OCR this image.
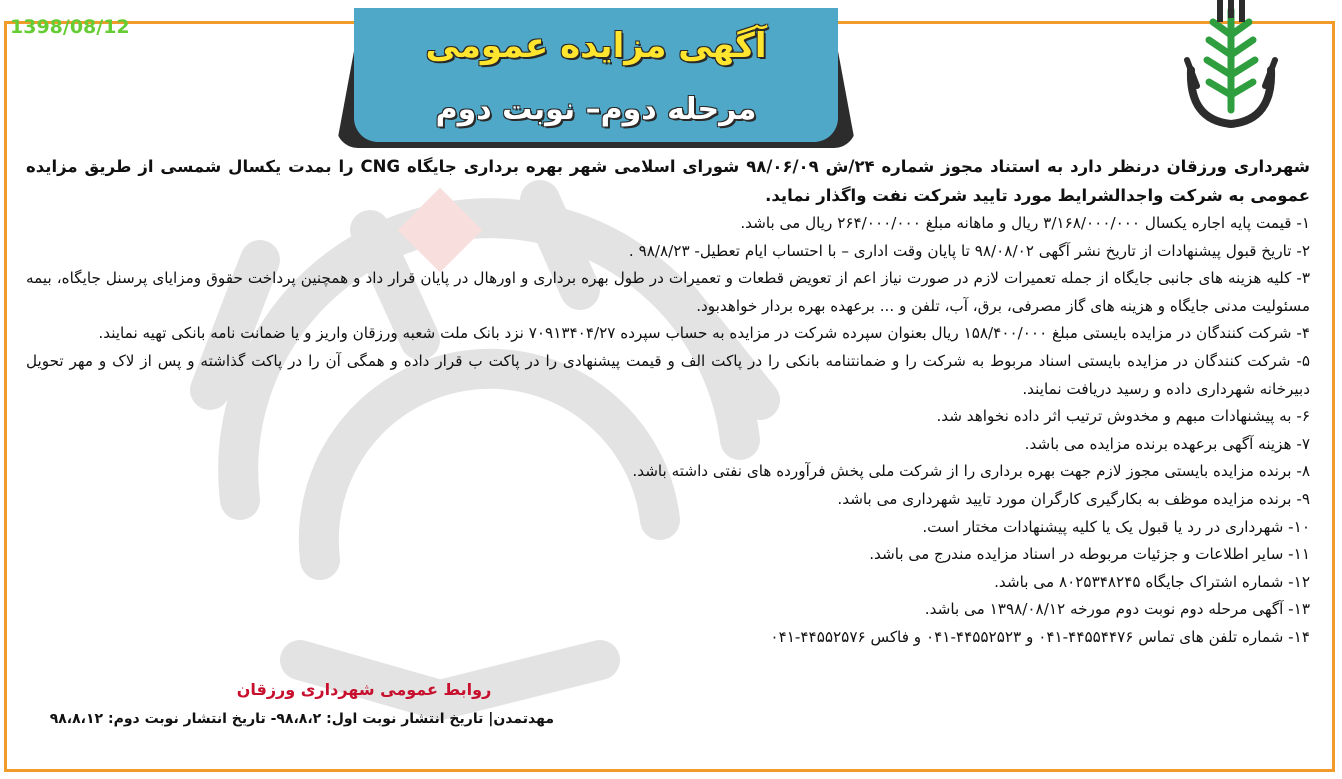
1398/08/12	آگهی مزایده عمومی
مرحله دوم– نوبت دوم

شهرداری ورزقان درنظر دارد به استناد مجوز شماره ۲۴/ش ۹۸/۰۶/۰۹ شورای اسلامی شهر بهره برداری جایگاه CNG را بمدت یکسال شمسی از طریق مزایده عمومی به شرکت واجدالشرایط مورد تایید شرکت نفت واگذار نماید.

۱- قیمت پایه اجاره یکسال ۳/۱۶۸/۰۰۰/۰۰۰ ریال و ماهانه مبلغ ۲۶۴/۰۰۰/۰۰۰ ریال می باشد.
۲- تاریخ قبول پیشنهادات از تاریخ نشر آگهی ۹۸/۰۸/۰۲ تا پایان وقت اداری – با احتساب ایام تعطیل- ۹۸/۸/۲۳ .
۳- کلیه هزینه های جانبی جایگاه از جمله تعمیرات لازم در صورت نیاز اعم از تعویض قطعات و تعمیرات در طول بهره برداری و اورهال در پایان قرار داد و همچنین پرداخت حقوق ومزایای پرسنل جایگاه، بیمه مسئولیت مدنی جایگاه و هزینه های گاز مصرفی، برق، آب، تلفن و ... برعهده بهره بردار خواهدبود.
۴- شرکت کنندگان در مزایده بایستی مبلغ ۱۵۸/۴۰۰/۰۰۰ ریال بعنوان سپرده شرکت در مزایده به حساب سپرده ۷۰۹۱۳۴۰۴/۲۷ نزد بانک ملت شعبه ورزقان واریز و یا ضمانت نامه بانکی تهیه نمایند.
۵- شرکت کنندگان در مزایده بایستی اسناد مربوط به شرکت را و ضمانتنامه بانکی را در پاکت الف و قیمت پیشنهادی را در پاکت ب قرار داده و همگی آن را در پاکت گذاشته و پس از لاک و مهر تحویل دبیرخانه شهرداری داده و رسید دریافت نمایند.
۶- به پیشنهادات مبهم و مخدوش ترتیب اثر داده نخواهد شد.
۷- هزینه آگهی برعهده برنده مزایده می باشد.
۸- برنده مزایده بایستی مجوز لازم جهت بهره برداری را از شرکت ملی پخش فرآورده های نفتی داشته باشد.
۹- برنده مزایده موظف به بکارگیری کارگران مورد تایید شهرداری می باشد.
۱۰- شهرداری در رد یا قبول یک یا کلیه پیشنهادات مختار است.
۱۱- سایر اطلاعات و جزئیات مربوطه در اسناد مزایده مندرج می باشد.
۱۲- شماره اشتراک جایگاه ۸۰۲۵۳۴۸۲۴۵ می باشد.
۱۳- آگهی مرحله دوم نوبت دوم مورخه ۱۳۹۸/۰۸/۱۲ می باشد.
۱۴- شماره تلفن های تماس ۴۴۵۵۴۴۷۶-۰۴۱ و ۴۴۵۵۲۵۲۳-۰۴۱ و فاکس ۴۴۵۵۲۵۷۶-۰۴۱
روابط عمومی شهرداری ورزقان
مهدتمدن| تاریخ انتشار نوبت اول: ۹۸،۸،۲- تاریخ انتشار نوبت دوم: ۹۸،۸،۱۲
